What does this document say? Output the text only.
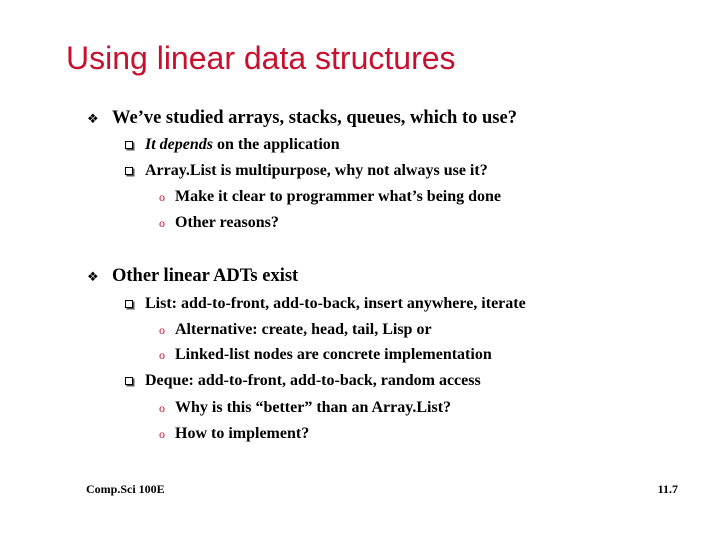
Using linear data structures
❖ We’ve studied arrays, stacks, queues, which to use?
It depends on the application
Array.List is multipurpose, why not always use it?
o Make it clear to programmer what’s being done
o Other reasons?
❖ Other linear ADTs exist
List: add-to-front, add-to-back, insert anywhere, iterate
o Alternative: create, head, tail, Lisp or
o Linked-list nodes are concrete implementation
Deque: add-to-front, add-to-back, random access
o Why is this “better” than an Array.List?
o How to implement?
Comp.Sci 100E	11.7
